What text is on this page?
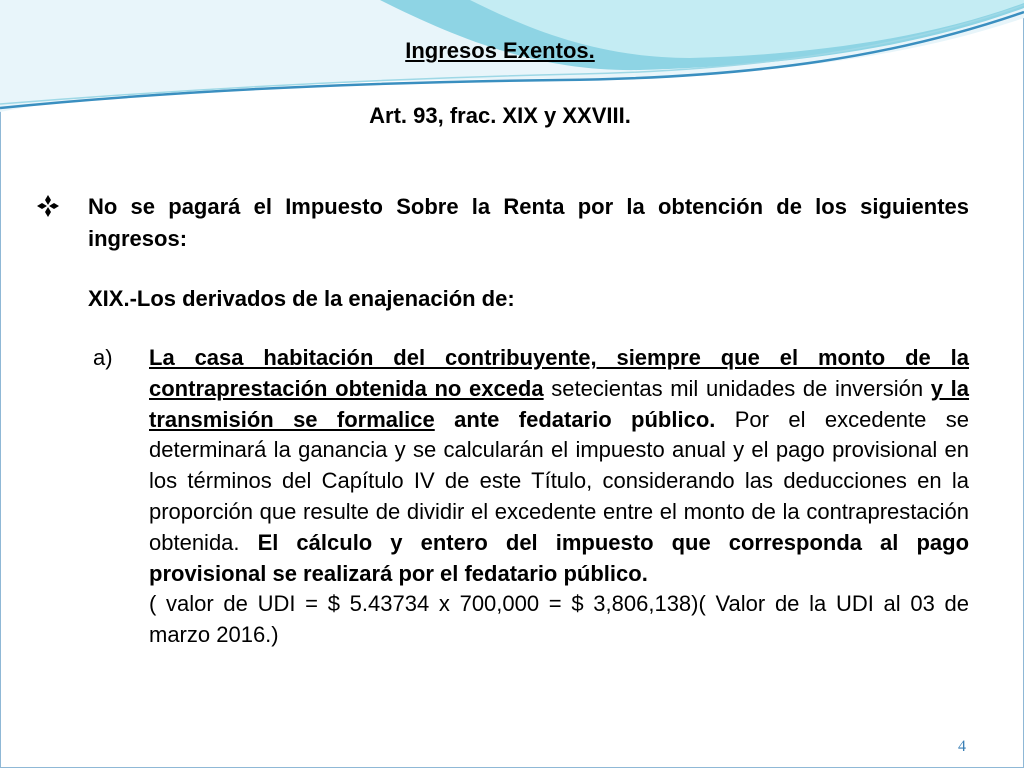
Ingresos Exentos.
Art. 93, frac. XIX y XXVIII.

No se pagará el Impuesto Sobre la Renta por la obtención de los siguientes ingresos:

XIX.-Los derivados de la enajenación de:

a) La casa habitación del contribuyente, siempre que el monto de la contraprestación obtenida no exceda setecientas mil unidades de inversión y la transmisión se formalice ante fedatario público. Por el excedente se determinará la ganancia y se calcularán el impuesto anual y el pago provisional en los términos del Capítulo IV de este Título, considerando las deducciones en la proporción que resulte de dividir el excedente entre el monto de la contraprestación obtenida. El cálculo y entero del impuesto que corresponda al pago provisional se realizará por el fedatario público.
( valor de UDI = $ 5.43734 x 700,000 = $ 3,806,138)( Valor de la UDI al 03 de marzo 2016.)

4
